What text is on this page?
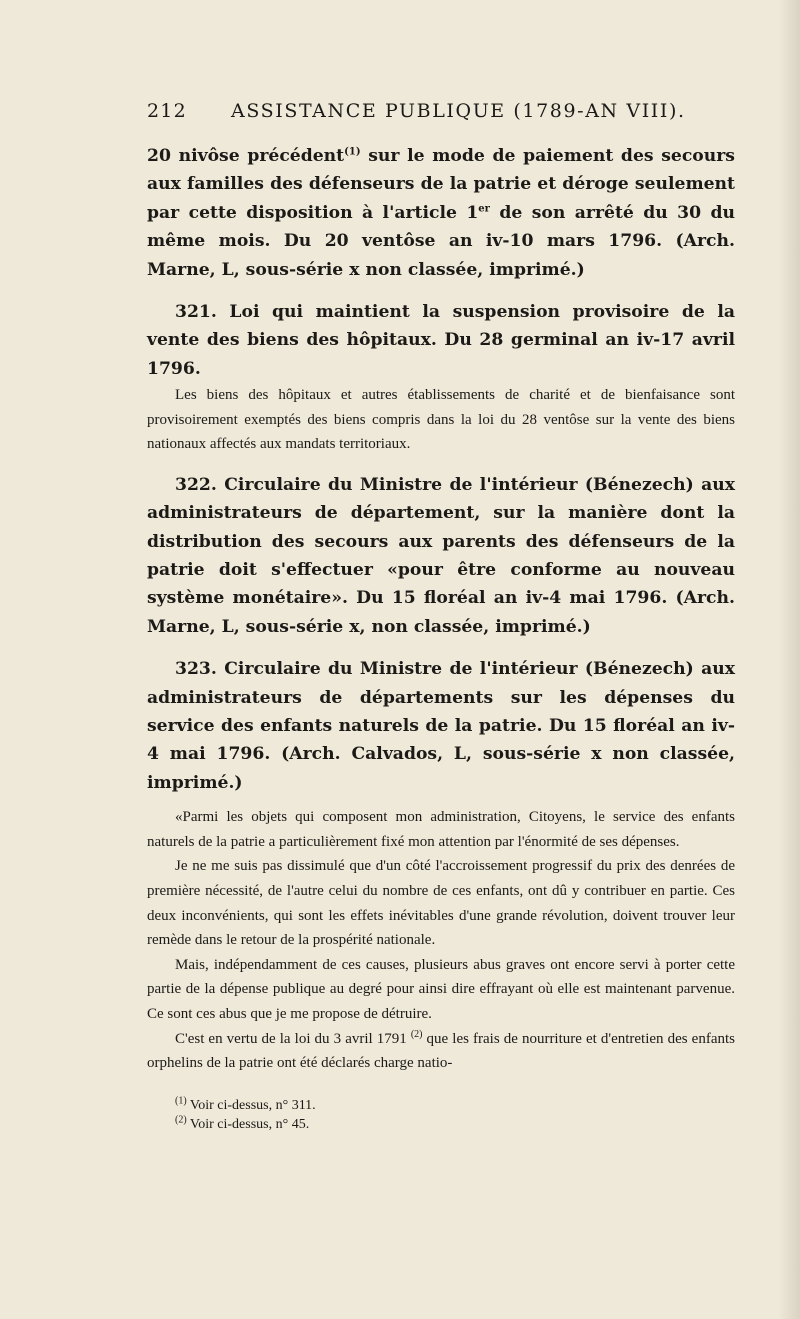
212	ASSISTANCE PUBLIQUE (1789-AN VIII).

20 nivôse précédent$^{(1)}$ sur le mode de paiement des secours aux familles des défenseurs de la patrie et déroge seulement par cette disposition à l'article 1er de son arrêté du 30 du même mois. Du 20 ventôse an iv-10 mars 1796. (Arch. Marne, L, sous-série x non classée, imprimé.)

321. Loi qui maintient la suspension provisoire de la vente des biens des hôpitaux. Du 28 germinal an iv-17 avril 1796.

Les biens des hôpitaux et autres établissements de charité et de bienfaisance sont provisoirement exemptés des biens compris dans la loi du 28 ventôse sur la vente des biens nationaux affectés aux mandats territoriaux.

322. Circulaire du Ministre de l'intérieur (Bénezech) aux administrateurs de département, sur la manière dont la distribution des secours aux parents des défenseurs de la patrie doit s'effectuer «pour être conforme au nouveau système monétaire». Du 15 floréal an iv-4 mai 1796. (Arch. Marne, L, sous-série x, non classée, imprimé.)

323. Circulaire du Ministre de l'intérieur (Bénezech) aux administrateurs de départements sur les dépenses du service des enfants naturels de la patrie. Du 15 floréal an iv-4 mai 1796. (Arch. Calvados, L, sous-série x non classée, imprimé.)

«Parmi les objets qui composent mon administration, Citoyens, le service des enfants naturels de la patrie a particulièrement fixé mon attention par l'énormité de ses dépenses.

Je ne me suis pas dissimulé que d'un côté l'accroissement progressif du prix des denrées de première nécessité, de l'autre celui du nombre de ces enfants, ont dû y contribuer en partie. Ces deux inconvénients, qui sont les effets inévitables d'une grande révolution, doivent trouver leur remède dans le retour de la prospérité nationale.

Mais, indépendamment de ces causes, plusieurs abus graves ont encore servi à porter cette partie de la dépense publique au degré pour ainsi dire effrayant où elle est maintenant parvenue. Ce sont ces abus que je me propose de détruire.

C'est en vertu de la loi du 3 avril 1791 $^{(2)}$ que les frais de nourriture et d'entretien des enfants orphelins de la patrie ont été déclarés charge natio-

$^{(1)}$ Voir ci-dessus, n° 311.
$^{(2)}$ Voir ci-dessus, n° 45.
